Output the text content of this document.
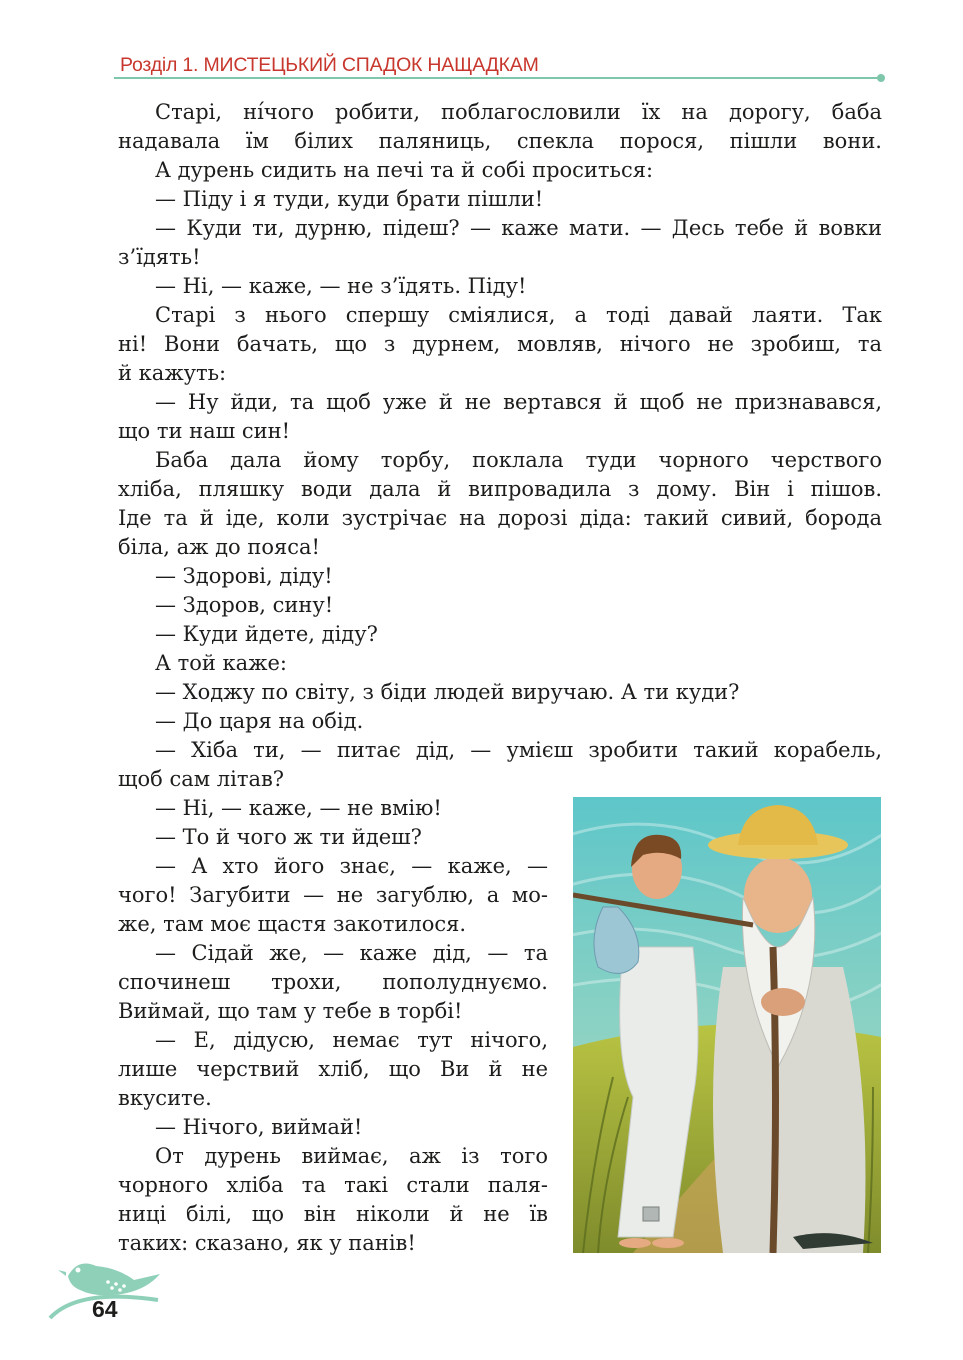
Розділ 1. МИСТЕЦЬКИЙ СПАДОК НАЩАДКАМ
Старі, ні́чого робити, поблагословили їх на дорогу, баба
надавала їм білих паляниць, спекла порося, пішли вони.
А дурень сидить на печі та й собі проситься:
— Піду і я туди, куди брати пішли!
— Куди ти, дурню, підеш? — каже мати. — Десь тебе й вовки
з’їдять!
— Ні, — каже, — не з’їдять. Піду!
Старі з нього спершу сміялися, а тоді давай лаяти. Так
ні! Вони бачать, що з дурнем, мовляв, нічого не зробиш, та
й кажуть:
— Ну йди, та щоб уже й не вертався й щоб не признавався,
що ти наш син!
Баба дала йому торбу, поклала туди чорного черствого
хліба, пляшку води дала й випровадила з дому. Він і пішов.
Іде та й іде, коли зустрічає на дорозі діда: такий сивий, борода
біла, аж до пояса!
— Здорові, діду!
— Здоров, сину!
— Куди йдете, діду?
А той каже:
— Ходжу по світу, з біди людей виручаю. А ти куди?
— До царя на обід.
— Хіба ти, — питає дід, — умієш зробити такий корабель,
щоб сам літав?
— Ні, — каже, — не вмію!
— То й чого ж ти йдеш?
— А хто його знає, — каже, —
чого! Загубити — не загублю, а мо-
же, там моє щастя закотилося.
— Сідай же, — каже дід, — та
спочинеш трохи, пополуднуємо.
Виймай, що там у тебе в торбі!
— Е, дідусю, немає тут нічого,
лише черствий хліб, що Ви й не
вкусите.
— Нічого, виймай!
От дурень виймає, аж із того
чорного хліба та такі стали паля-
ниці білі, що він ніколи й не їв
таких: сказано, як у панів!
64
